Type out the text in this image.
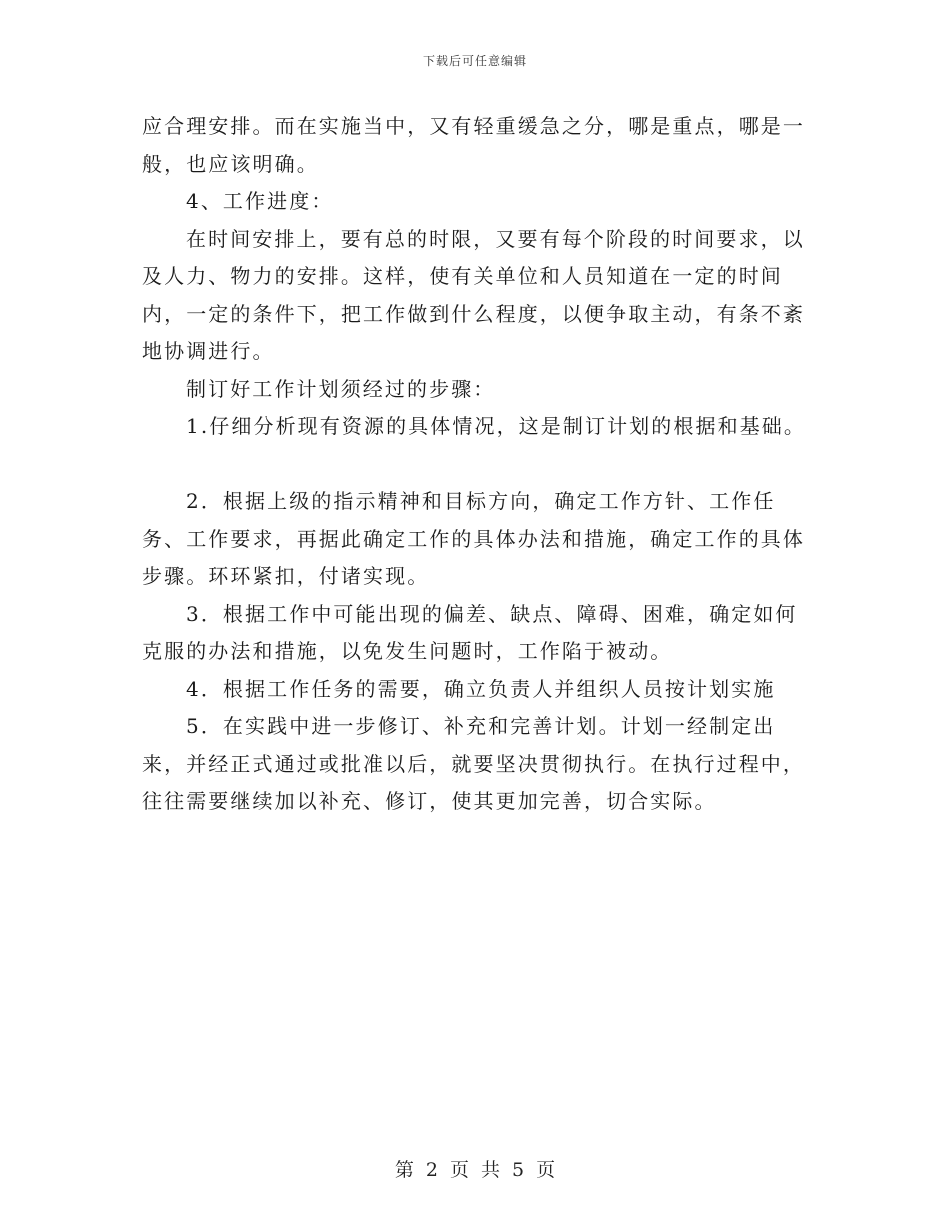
下载后可任意编辑

应合理安排。而在实施当中，又有轻重缓急之分，哪是重点，哪是一般，也应该明确。

4、工作进度：

在时间安排上，要有总的时限，又要有每个阶段的时间要求，以及人力、物力的安排。这样，使有关单位和人员知道在一定的时间内，一定的条件下，把工作做到什么程度，以便争取主动，有条不紊地协调进行。

制订好工作计划须经过的步骤：

1.仔细分析现有资源的具体情况，这是制订计划的根据和基础。

2．根据上级的指示精神和目标方向，确定工作方针、工作任务、工作要求，再据此确定工作的具体办法和措施，确定工作的具体步骤。环环紧扣，付诸实现。

3．根据工作中可能出现的偏差、缺点、障碍、困难，确定如何克服的办法和措施，以免发生问题时，工作陷于被动。

4．根据工作任务的需要，确立负责人并组织人员按计划实施

5．在实践中进一步修订、补充和完善计划。计划一经制定出来，并经正式通过或批准以后，就要坚决贯彻执行。在执行过程中，往往需要继续加以补充、修订，使其更加完善，切合实际。

第 2 页 共 5 页
